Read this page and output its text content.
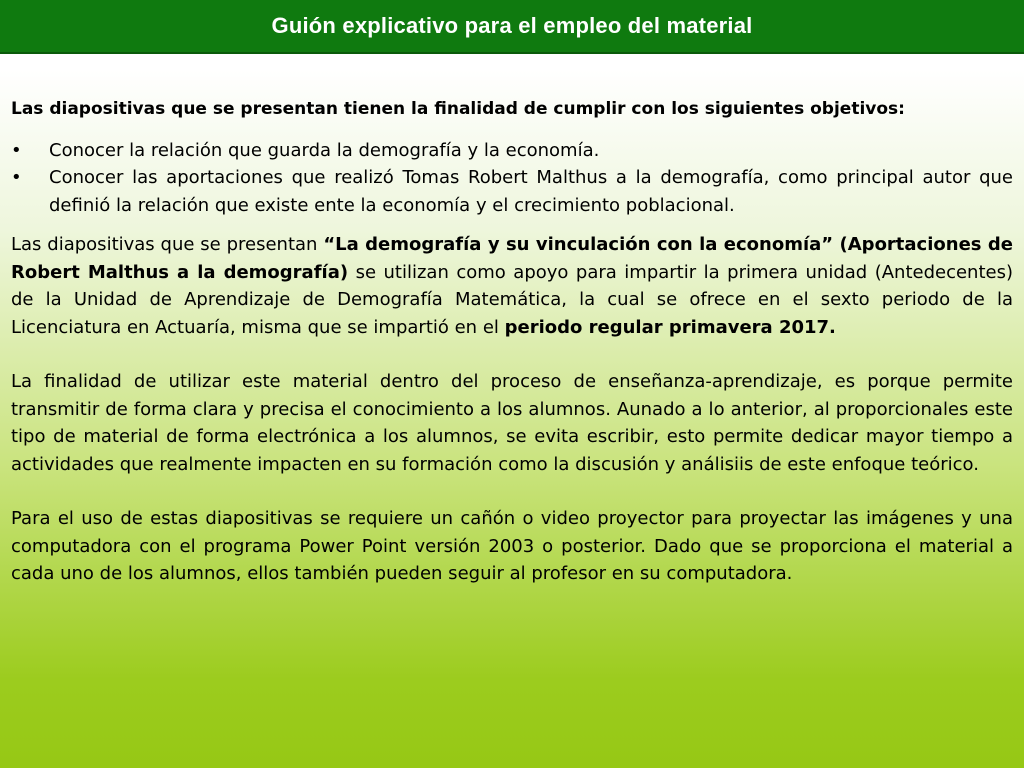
Guión explicativo para el empleo del material

Las diapositivas que se presentan tienen la finalidad de cumplir con los siguientes objetivos:

• Conocer la relación que guarda la demografía y la economía.
• Conocer las aportaciones que realizó Tomas Robert Malthus a la demografía, como principal autor que definió la relación que existe ente la economía y el crecimiento poblacional.

Las diapositivas que se presentan “La demografía y su vinculación con la economía” (Aportaciones de Robert Malthus a la demografía) se utilizan como apoyo para impartir la primera unidad (Antedecentes) de la Unidad de Aprendizaje de Demografía Matemática, la cual se ofrece en el sexto periodo de la Licenciatura en Actuaría, misma que se impartió en el periodo regular primavera 2017.

La finalidad de utilizar este material dentro del proceso de enseñanza-aprendizaje, es porque permite transmitir de forma clara y precisa el conocimiento a los alumnos. Aunado a lo anterior, al proporcionales este tipo de material de forma electrónica a los alumnos, se evita escribir, esto permite dedicar mayor tiempo a actividades que realmente impacten en su formación como la discusión y análisiis de este enfoque teórico.

Para el uso de estas diapositivas se requiere un cañón o video proyector para proyectar las imágenes y una computadora con el programa Power Point versión 2003 o posterior. Dado que se proporciona el material a cada uno de los alumnos, ellos también pueden seguir al profesor en su computadora.
